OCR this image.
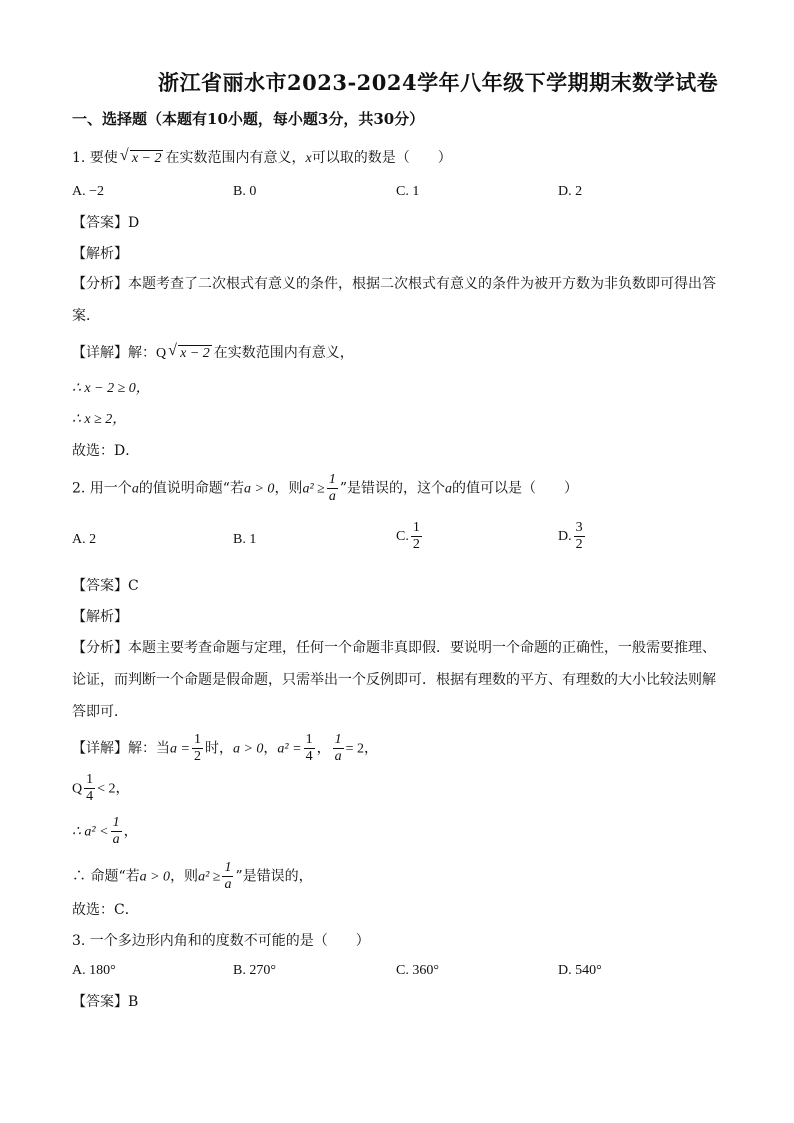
浙江省丽水市2023-2024学年八年级下学期期末数学试卷
一、选择题（本题有10小题，每小题3分，共30分）
1. 要使 √ x − 2 在实数范围内有意义，x可以取的数是（　　）
A. −2	B. 0	C. 1	D. 2
【答案】D
【解析】
【分析】本题考查了二次根式有意义的条件，根据二次根式有意义的条件为被开方数为非负数即可得出答
案．
【详解】解：Q √ x − 2 在实数范围内有意义，
∴ x − 2 ≥ 0，
∴ x ≥ 2，
故选：D．
2. 用一个a的值说明命题“若a > 0，则$a^2 \ge \frac{1}{a}$ ”是错误的，这个a的值可以是（　　）
A. 2	B. 1	C. $\frac{1}{2}$	D. $\frac{3}{2}$
【答案】C
【解析】
【分析】本题主要考查命题与定理，任何一个命题非真即假．要说明一个命题的正确性，一般需要推理、
论证，而判断一个命题是假命题，只需举出一个反例即可．根据有理数的平方、有理数的大小比较法则解
答即可．
【详解】解：当$a = \frac{1}{2}$ 时，a > 0，$a^2 = \frac{1}{4}$ ， $\frac{1}{a} = 2$，
Q $\frac{1}{4} < 2$，
∴ $a^2 < \frac{1}{a}$ ，
∴ 命题“若a > 0，则$a^2 \ge \frac{1}{a}$ ”是错误的，
故选：C．
3. 一个多边形内角和的度数不可能的是（　　）
A. 180°	B. 270°	C. 360°	D. 540°
【答案】B
